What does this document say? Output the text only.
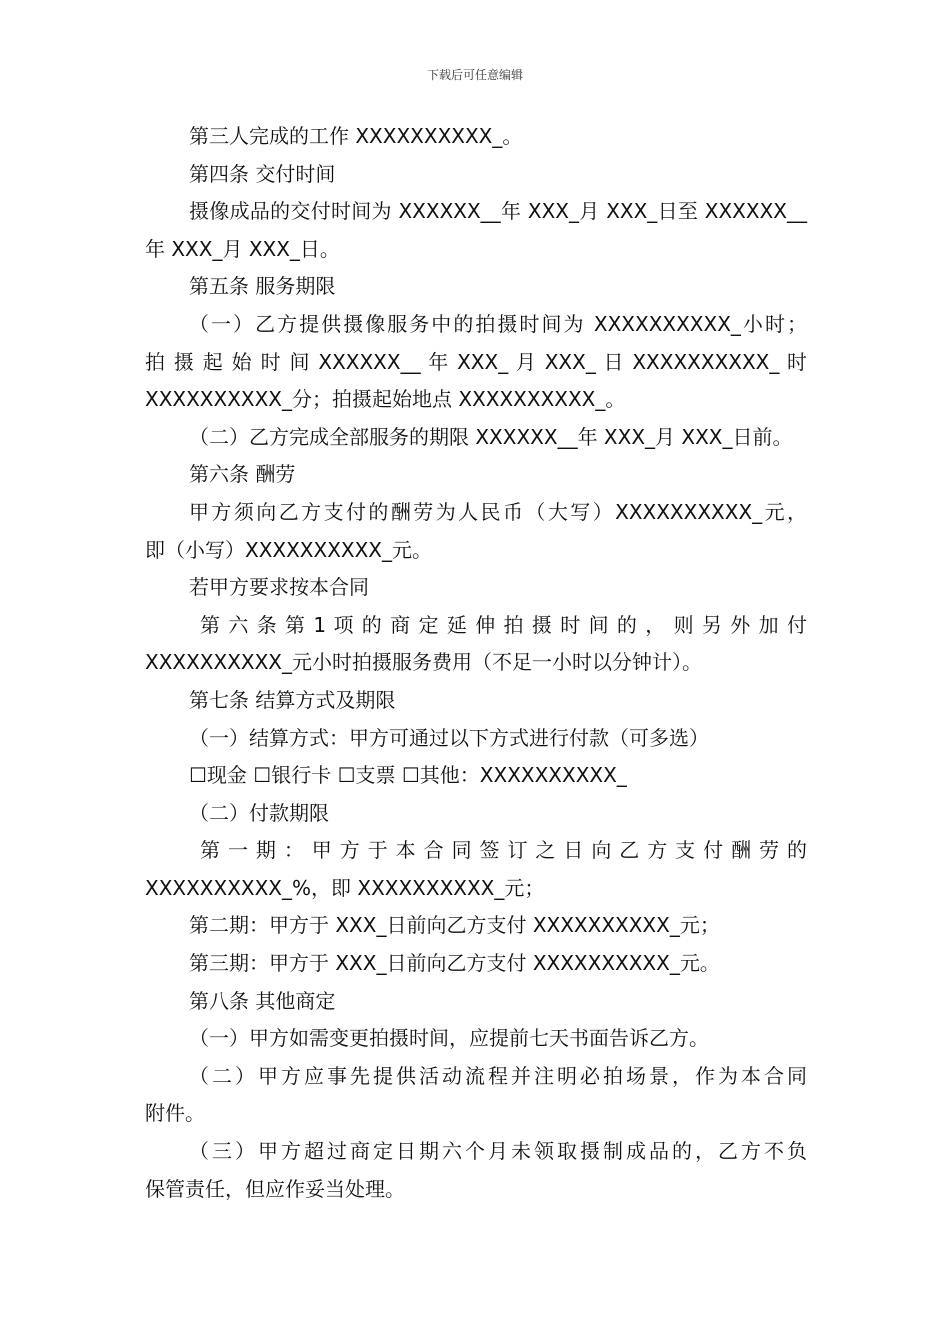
下载后可任意编辑
第三人完成的工作 XXXXXXXXXX_。
第四条 交付时间
摄像成品的交付时间为 XXXXXX__年 XXX_月 XXX_日至 XXXXXX__
年 XXX_月 XXX_日。
第五条 服务期限
（一）乙方提供摄像服务中的拍摄时间为 XXXXXXXXXX_小时；
拍 摄 起 始 时 间 XXXXXX__ 年 XXX_ 月 XXX_ 日 XXXXXXXXXX_ 时
XXXXXXXXXX_分；拍摄起始地点 XXXXXXXXXX_。
（二）乙方完成全部服务的期限 XXXXXX__年 XXX_月 XXX_日前。
第六条 酬劳
甲方须向乙方支付的酬劳为人民币（大写）XXXXXXXXXX_元，
即（小写）XXXXXXXXXX_元。
若甲方要求按本合同
第 六 条 第 1 项 的 商 定 延 伸 拍 摄 时 间 的 ， 则 另 外 加 付
XXXXXXXXXX_元小时拍摄服务费用（不足一小时以分钟计）。
第七条 结算方式及期限
（一）结算方式：甲方可通过以下方式进行付款（可多选）
☐现金 ☐银行卡 ☐支票 ☐其他：XXXXXXXXXX_
（二）付款期限
第 一 期 ： 甲 方 于 本 合 同 签 订 之 日 向 乙 方 支 付 酬 劳 的
XXXXXXXXXX_%，即 XXXXXXXXXX_元；
第二期：甲方于 XXX_日前向乙方支付 XXXXXXXXXX_元；
第三期：甲方于 XXX_日前向乙方支付 XXXXXXXXXX_元。
第八条 其他商定
（一）甲方如需变更拍摄时间，应提前七天书面告诉乙方。
（二）甲方应事先提供活动流程并注明必拍场景，作为本合同
附件。
（三）甲方超过商定日期六个月未领取摄制成品的，乙方不负
保管责任，但应作妥当处理。
